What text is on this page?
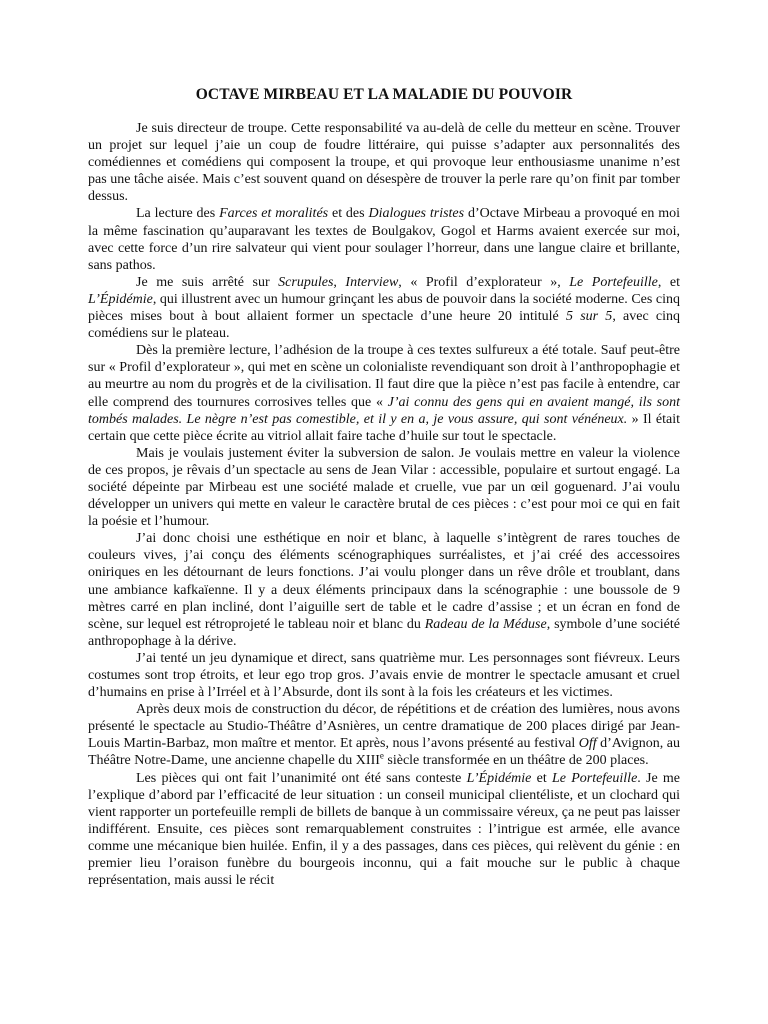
OCTAVE MIRBEAU ET LA MALADIE DU POUVOIR

Je suis directeur de troupe. Cette responsabilité va au-delà de celle du metteur en scène. Trouver un projet sur lequel j’aie un coup de foudre littéraire, qui puisse s’adapter aux personnalités des comédiennes et comédiens qui composent la troupe, et qui provoque leur enthousiasme unanime n’est pas une tâche aisée. Mais c’est souvent quand on désespère de trouver la perle rare qu’on finit par tomber dessus.

La lecture des Farces et moralités et des Dialogues tristes d’Octave Mirbeau a provoqué en moi la même fascination qu’auparavant les textes de Boulgakov, Gogol et Harms avaient exercée sur moi, avec cette force d’un rire salvateur qui vient pour soulager l’horreur, dans une langue claire et brillante, sans pathos.

Je me suis arrêté sur Scrupules, Interview, « Profil d’explorateur », Le Portefeuille, et L’Épidémie, qui illustrent avec un humour grinçant les abus de pouvoir dans la société moderne. Ces cinq pièces mises bout à bout allaient former un spectacle d’une heure 20 intitulé 5 sur 5, avec cinq comédiens sur le plateau.

Dès la première lecture, l’adhésion de la troupe à ces textes sulfureux a été totale. Sauf peut-être sur « Profil d’explorateur », qui met en scène un colonialiste revendiquant son droit à l’anthropophagie et au meurtre au nom du progrès et de la civilisation. Il faut dire que la pièce n’est pas facile à entendre, car elle comprend des tournures corrosives telles que « J’ai connu des gens qui en avaient mangé, ils sont tombés malades. Le nègre n’est pas comestible, et il y en a, je vous assure, qui sont vénéneux. » Il était certain que cette pièce écrite au vitriol allait faire tache d’huile sur tout le spectacle.

Mais je voulais justement éviter la subversion de salon. Je voulais mettre en valeur la violence de ces propos, je rêvais d’un spectacle au sens de Jean Vilar : accessible, populaire et surtout engagé. La société dépeinte par Mirbeau est une société malade et cruelle, vue par un œil goguenard. J’ai voulu développer un univers qui mette en valeur le caractère brutal de ces pièces : c’est pour moi ce qui en fait la poésie et l’humour.

J’ai donc choisi une esthétique en noir et blanc, à laquelle s’intègrent de rares touches de couleurs vives, j’ai conçu des éléments scénographiques surréalistes, et j’ai créé des accessoires oniriques en les détournant de leurs fonctions. J’ai voulu plonger dans un rêve drôle et troublant, dans une ambiance kafkaïenne. Il y a deux éléments principaux dans la scénographie : une boussole de 9 mètres carré en plan incliné, dont l’aiguille sert de table et le cadre d’assise ; et un écran en fond de scène, sur lequel est rétroprojeté le tableau noir et blanc du Radeau de la Méduse, symbole d’une société anthropophage à la dérive.

J’ai tenté un jeu dynamique et direct, sans quatrième mur. Les personnages sont fiévreux. Leurs costumes sont trop étroits, et leur ego trop gros. J’avais envie de montrer le spectacle amusant et cruel d’humains en prise à l’Irréel et à l’Absurde, dont ils sont à la fois les créateurs et les victimes.

Après deux mois de construction du décor, de répétitions et de création des lumières, nous avons présenté le spectacle au Studio-Théâtre d’Asnières, un centre dramatique de 200 places dirigé par Jean-Louis Martin-Barbaz, mon maître et mentor. Et après, nous l’avons présenté au festival Off d’Avignon, au Théâtre Notre-Dame, une ancienne chapelle du XIIIe siècle transformée en un théâtre de 200 places.

Les pièces qui ont fait l’unanimité ont été sans conteste L’Épidémie et Le Portefeuille. Je me l’explique d’abord par l’efficacité de leur situation : un conseil municipal clientéliste, et un clochard qui vient rapporter un portefeuille rempli de billets de banque à un commissaire véreux, ça ne peut pas laisser indifférent. Ensuite, ces pièces sont remarquablement construites : l’intrigue est armée, elle avance comme une mécanique bien huilée. Enfin, il y a des passages, dans ces pièces, qui relèvent du génie : en premier lieu l’oraison funèbre du bourgeois inconnu, qui a fait mouche sur le public à chaque représentation, mais aussi le récit
